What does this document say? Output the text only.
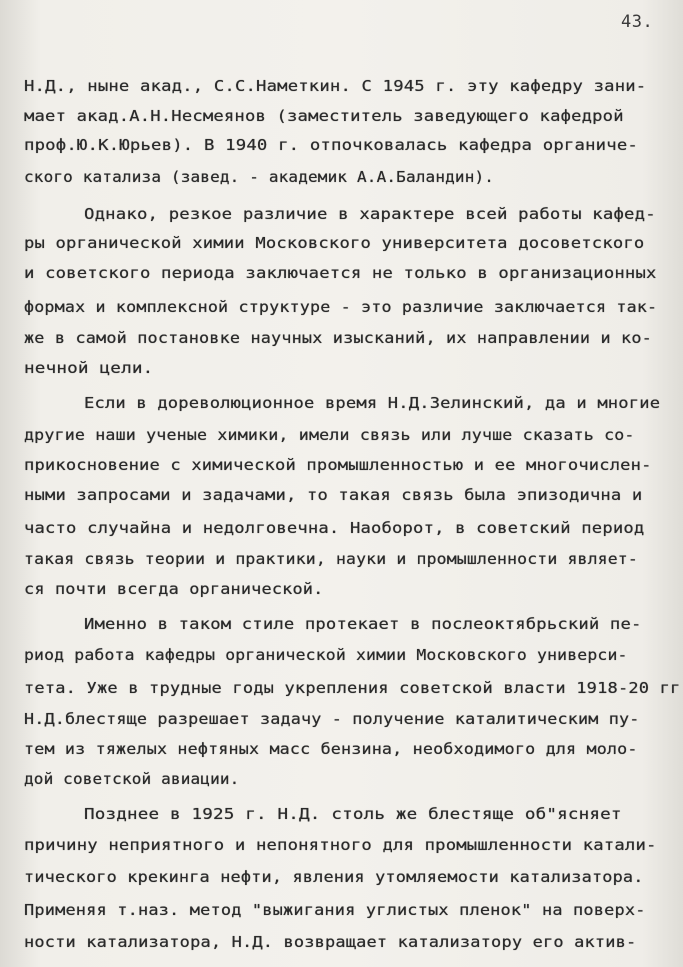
43.
Н.Д., ныне акад., С.С.Наметкин. С 1945 г. эту кафедру зани-
мает акад.А.Н.Несмеянов (заместитель заведующего кафедрой
проф.Ю.К.Юрьев). В 1940 г. отпочковалась кафедра органиче-
ского катализа (завед. - академик А.А.Баландин).
Однако, резкое различие в характере всей работы кафед-
ры органической химии Московского университета досоветского
и советского периода заключается не только в организационных
формах и комплексной структуре - это различие заключается так-
же в самой постановке научных изысканий, их направлении и ко-
нечной цели.
Если в дореволюционное время Н.Д.Зелинский, да и многие
другие наши ученые химики, имели связь или лучше сказать со-
прикосновение с химической промышленностью и ее многочислен-
ными запросами и задачами, то такая связь была эпизодична и
часто случайна и недолговечна. Наоборот, в советский период
такая связь теории и практики, науки и промышленности являет-
ся почти всегда органической.
Именно в таком стиле протекает в послеоктябрьский пе-
риод работа кафедры органической химии Московского универси-
тета. Уже в трудные годы укрепления советской власти 1918-20 гг
Н.Д.блестяще разрешает задачу - получение каталитическим пу-
тем из тяжелых нефтяных масс бензина, необходимого для моло-
дой советской авиации.
Позднее в 1925 г. Н.Д. столь же блестяще об"ясняет
причину неприятного и непонятного для промышленности катали-
тического крекинга нефти, явления утомляемости катализатора.
Применяя т.наз. метод "выжигания углистых пленок" на поверх-
ности катализатора, Н.Д. возвращает катализатору его актив-
